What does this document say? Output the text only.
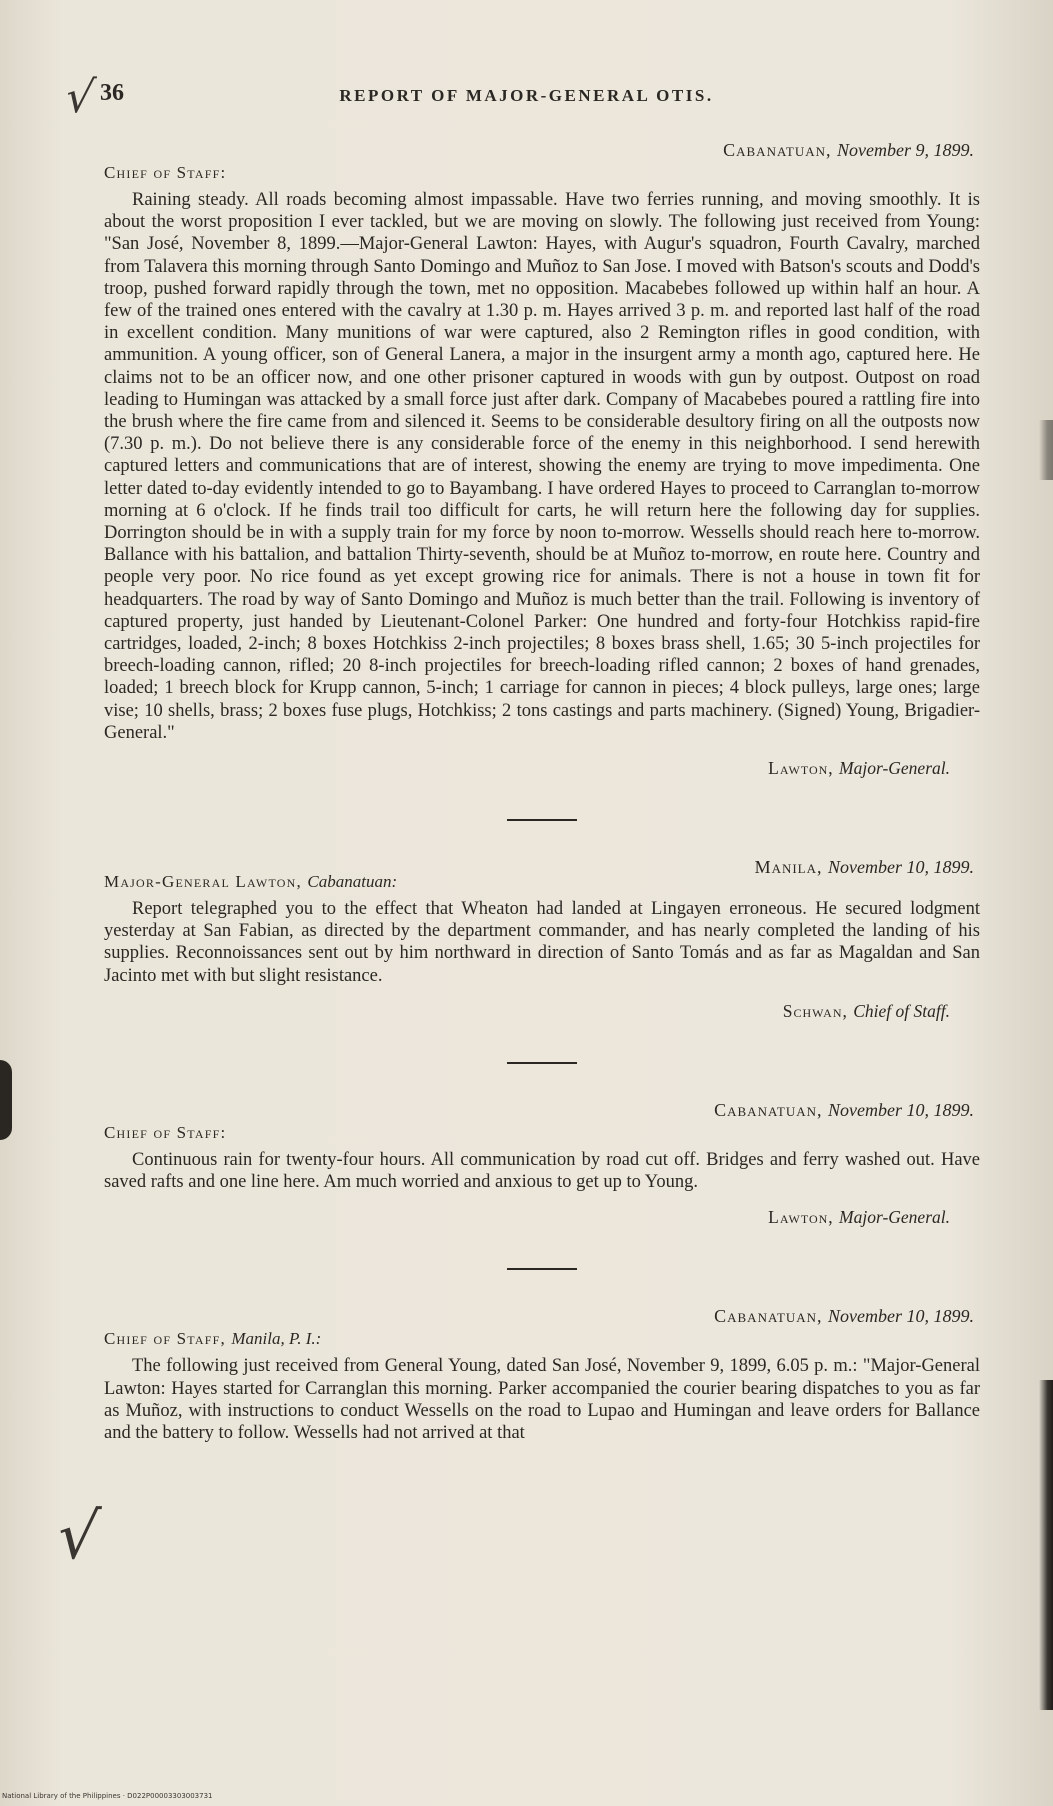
√
√
36	REPORT OF MAJOR-GENERAL OTIS.

Cabanatuan, November 9, 1899.

Chief of Staff:

Raining steady. All roads becoming almost impassable. Have two ferries running, and moving smoothly. It is about the worst proposition I ever tackled, but we are moving on slowly. The following just received from Young: "San José, November 8, 1899.—Major-General Lawton: Hayes, with Augur's squadron, Fourth Cavalry, marched from Talavera this morning through Santo Domingo and Muñoz to San Jose. I moved with Batson's scouts and Dodd's troop, pushed forward rapidly through the town, met no opposition. Macabebes followed up within half an hour. A few of the trained ones entered with the cavalry at 1.30 p. m. Hayes arrived 3 p. m. and reported last half of the road in excellent condition. Many munitions of war were captured, also 2 Remington rifles in good condition, with ammunition. A young officer, son of General Lanera, a major in the insurgent army a month ago, captured here. He claims not to be an officer now, and one other prisoner captured in woods with gun by outpost. Outpost on road leading to Humingan was attacked by a small force just after dark. Company of Macabebes poured a rattling fire into the brush where the fire came from and silenced it. Seems to be considerable desultory firing on all the outposts now (7.30 p. m.). Do not believe there is any considerable force of the enemy in this neighborhood. I send herewith captured letters and communications that are of interest, showing the enemy are trying to move impedimenta. One letter dated to-day evidently intended to go to Bayambang. I have ordered Hayes to proceed to Carranglan to-morrow morning at 6 o'clock. If he finds trail too difficult for carts, he will return here the following day for supplies. Dorrington should be in with a supply train for my force by noon to-morrow. Wessells should reach here to-morrow. Ballance with his battalion, and battalion Thirty-seventh, should be at Muñoz to-morrow, en route here. Country and people very poor. No rice found as yet except growing rice for animals. There is not a house in town fit for headquarters. The road by way of Santo Domingo and Muñoz is much better than the trail. Following is inventory of captured property, just handed by Lieutenant-Colonel Parker: One hundred and forty-four Hotchkiss rapid-fire cartridges, loaded, 2-inch; 8 boxes Hotchkiss 2-inch projectiles; 8 boxes brass shell, 1.65; 30 5-inch projectiles for breech-loading cannon, rifled; 20 8-inch projectiles for breech-loading rifled cannon; 2 boxes of hand grenades, loaded; 1 breech block for Krupp cannon, 5-inch; 1 carriage for cannon in pieces; 4 block pulleys, large ones; large vise; 10 shells, brass; 2 boxes fuse plugs, Hotchkiss; 2 tons castings and parts machinery. (Signed) Young, Brigadier-General."

Lawton, Major-General.

Manila, November 10, 1899.

Major-General Lawton, Cabanatuan:

Report telegraphed you to the effect that Wheaton had landed at Lingayen erroneous. He secured lodgment yesterday at San Fabian, as directed by the department commander, and has nearly completed the landing of his supplies. Reconnoissances sent out by him northward in direction of Santo Tomás and as far as Magaldan and San Jacinto met with but slight resistance.

Schwan, Chief of Staff.

Cabanatuan, November 10, 1899.

Chief of Staff:

Continuous rain for twenty-four hours. All communication by road cut off. Bridges and ferry washed out. Have saved rafts and one line here. Am much worried and anxious to get up to Young.

Lawton, Major-General.

Cabanatuan, November 10, 1899.

Chief of Staff, Manila, P. I.:

The following just received from General Young, dated San José, November 9, 1899, 6.05 p. m.: "Major-General Lawton: Hayes started for Carranglan this morning. Parker accompanied the courier bearing dispatches to you as far as Muñoz, with instructions to conduct Wessells on the road to Lupao and Humingan and leave orders for Ballance and the battery to follow. Wessells had not arrived at that

National Library of the Philippines · D022P00003303003731
